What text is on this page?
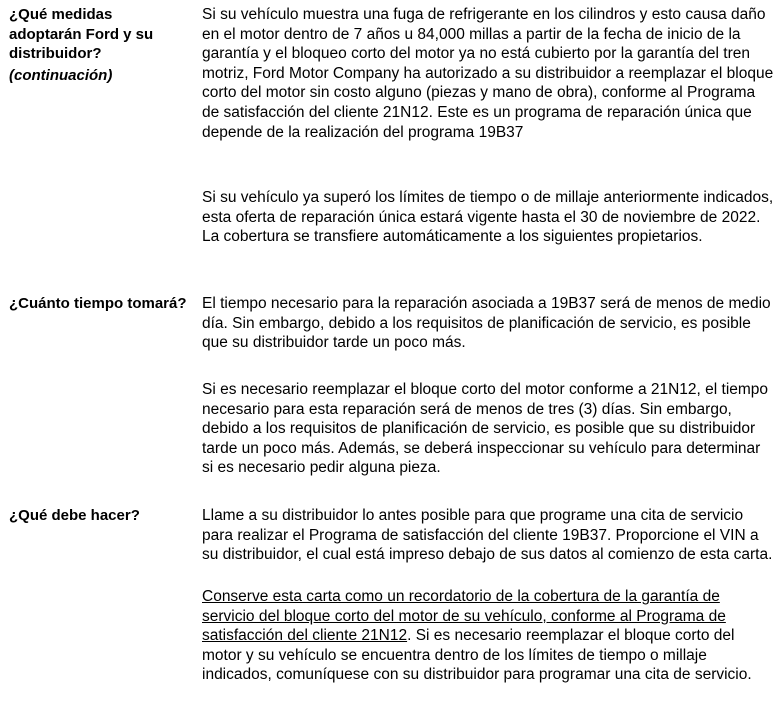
¿Qué medidas adoptarán Ford y su distribuidor?
(continuación)
Si su vehículo muestra una fuga de refrigerante en los cilindros y esto causa daño en el motor dentro de 7 años u 84,000 millas a partir de la fecha de inicio de la garantía y el bloqueo corto del motor ya no está cubierto por la garantía del tren motriz, Ford Motor Company ha autorizado a su distribuidor a reemplazar el bloque corto del motor sin costo alguno (piezas y mano de obra), conforme al Programa de satisfacción del cliente 21N12. Este es un programa de reparación única que depende de la realización del programa 19B37
Si su vehículo ya superó los límites de tiempo o de millaje anteriormente indicados, esta oferta de reparación única estará vigente hasta el 30 de noviembre de 2022. La cobertura se transfiere automáticamente a los siguientes propietarios.
¿Cuánto tiempo tomará? El tiempo necesario para la reparación asociada a 19B37 será de menos de medio día. Sin embargo, debido a los requisitos de planificación de servicio, es posible que su distribuidor tarde un poco más.
Si es necesario reemplazar el bloque corto del motor conforme a 21N12, el tiempo necesario para esta reparación será de menos de tres (3) días. Sin embargo, debido a los requisitos de planificación de servicio, es posible que su distribuidor tarde un poco más. Además, se deberá inspeccionar su vehículo para determinar si es necesario pedir alguna pieza.
¿Qué debe hacer?	Llame a su distribuidor lo antes posible para que programe una cita de servicio para realizar el Programa de satisfacción del cliente 19B37. Proporcione el VIN a su distribuidor, el cual está impreso debajo de sus datos al comienzo de esta carta.
Conserve esta carta como un recordatorio de la cobertura de la garantía de servicio del bloque corto del motor de su vehículo, conforme al Programa de satisfacción del cliente 21N12. Si es necesario reemplazar el bloque corto del motor y su vehículo se encuentra dentro de los límites de tiempo o millaje indicados, comuníquese con su distribuidor para programar una cita de servicio.
